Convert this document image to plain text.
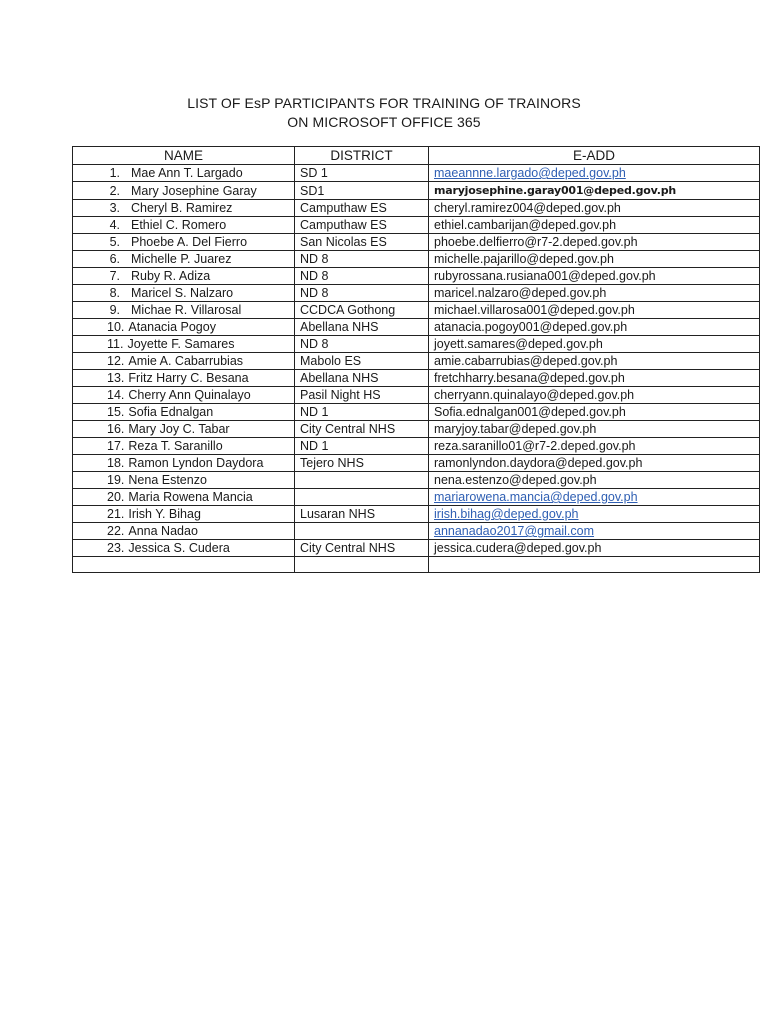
LIST OF EsP PARTICIPANTS FOR TRAINING OF TRAINORS
ON MICROSOFT OFFICE 365
NAME	DISTRICT	E-ADD
1. Mae Ann T. Largado	SD 1	maeannne.largado@deped.gov.ph
2. Mary Josephine Garay	SD1	maryjosephine.garay001@deped.gov.ph
3. Cheryl B. Ramirez	Camputhaw ES	cheryl.ramirez004@deped.gov.ph
4. Ethiel C. Romero	Camputhaw ES	ethiel.cambarijan@deped.gov.ph
5. Phoebe A. Del Fierro	San Nicolas ES	phoebe.delfierro@r7-2.deped.gov.ph
6. Michelle P. Juarez	ND 8	michelle.pajarillo@deped.gov.ph
7. Ruby R. Adiza	ND 8	rubyrossana.rusiana001@deped.gov.ph
8. Maricel S. Nalzaro	ND 8	maricel.nalzaro@deped.gov.ph
9. Michae R. Villarosal	CCDCA Gothong	michael.villarosa001@deped.gov.ph
10. Atanacia Pogoy	Abellana NHS	atanacia.pogoy001@deped.gov.ph
11. Joyette F. Samares	ND 8	joyett.samares@deped.gov.ph
12. Amie A. Cabarrubias	Mabolo ES	amie.cabarrubias@deped.gov.ph
13. Fritz Harry C. Besana	Abellana NHS	fretchharry.besana@deped.gov.ph
14. Cherry Ann Quinalayo	Pasil Night HS	cherryann.quinalayo@deped.gov.ph
15. Sofia Ednalgan	ND 1	Sofia.ednalgan001@deped.gov.ph
16. Mary Joy C. Tabar	City Central NHS	maryjoy.tabar@deped.gov.ph
17. Reza T. Saranillo	ND 1	reza.saranillo01@r7-2.deped.gov.ph
18. Ramon Lyndon Daydora	Tejero NHS	ramonlyndon.daydora@deped.gov.ph
19. Nena Estenzo		nena.estenzo@deped.gov.ph
20. Maria Rowena Mancia		mariarowena.mancia@deped.gov.ph
21. Irish Y. Bihag	Lusaran NHS	irish.bihag@deped.gov.ph
22. Anna Nadao		annanadao2017@gmail.com
23. Jessica S. Cudera	City Central NHS	jessica.cudera@deped.gov.ph
